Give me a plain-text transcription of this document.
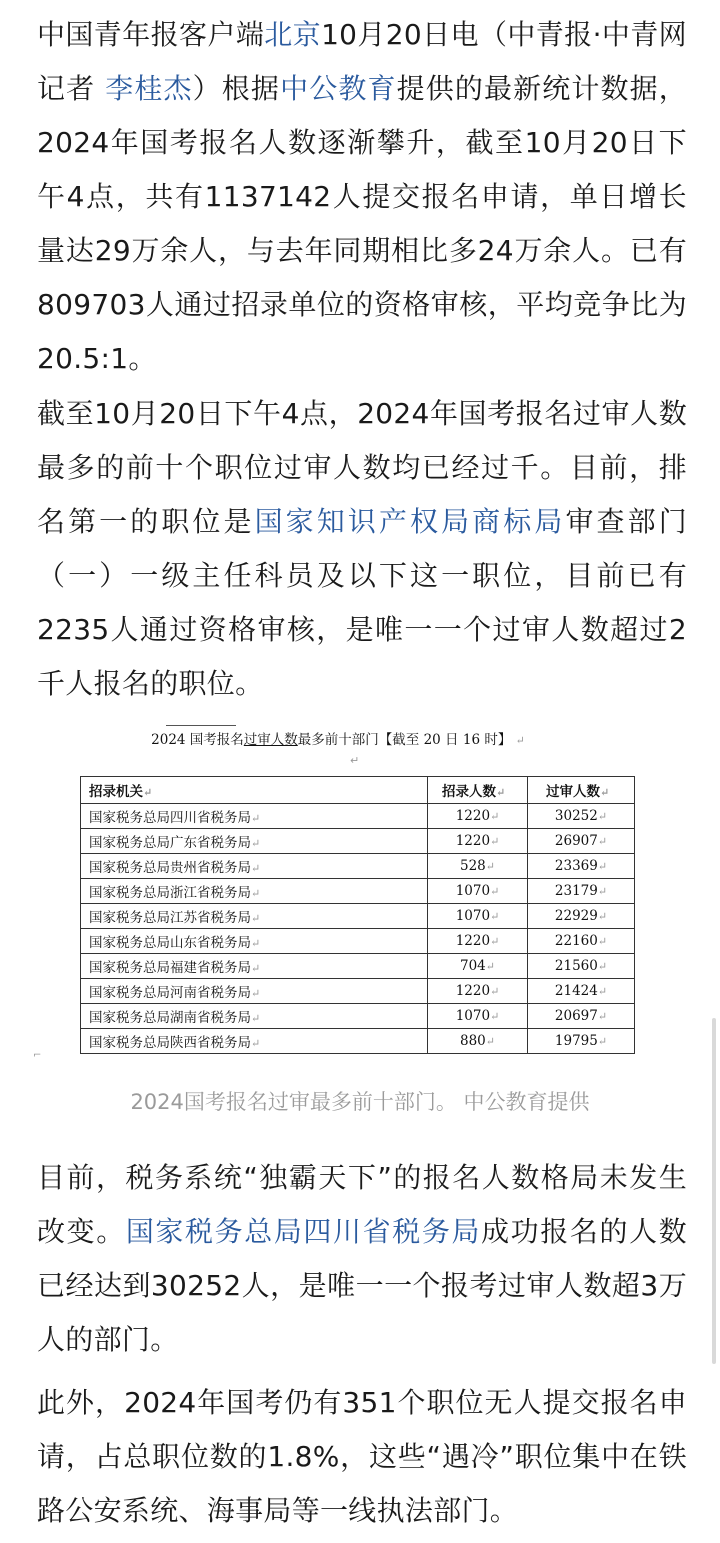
中国青年报客户端北京10月20日电（中青报·中青网记者 李桂杰）根据中公教育提供的最新统计数据，2024年国考报名人数逐渐攀升，截至10月20日下午4点，共有1137142人提交报名申请，单日增长量达29万余人，与去年同期相比多24万余人。已有809703人通过招录单位的资格审核，平均竞争比为20.5:1。

截至10月20日下午4点，2024年国考报名过审人数最多的前十个职位过审人数均已经过千。目前，排名第一的职位是国家知识产权局商标局审查部门（一）一级主任科员及以下这一职位，目前已有2235人通过资格审核，是唯一一个过审人数超过2千人报名的职位。

2024 国考报名过审人数最多前十部门【截至 20 日 16 时】 ↵
↵
招录机关↵	招录人数↵	过审人数↵
国家税务总局四川省税务局↵	1220↵	30252↵
国家税务总局广东省税务局↵	1220↵	26907↵
国家税务总局贵州省税务局↵	528↵	23369↵
国家税务总局浙江省税务局↵	1070↵	23179↵
国家税务总局江苏省税务局↵	1070↵	22929↵
国家税务总局山东省税务局↵	1220↵	22160↵
国家税务总局福建省税务局↵	704↵	21560↵
国家税务总局河南省税务局↵	1220↵	21424↵
国家税务总局湖南省税务局↵	1070↵	20697↵
国家税务总局陕西省税务局↵	880↵	19795↵
⌐
2024国考报名过审最多前十部门。 中公教育提供

目前，税务系统“独霸天下”的报名人数格局未发生改变。国家税务总局四川省税务局成功报名的人数已经达到30252人，是唯一一个报考过审人数超3万人的部门。

此外，2024年国考仍有351个职位无人提交报名申请，占总职位数的1.8%，这些“遇冷”职位集中在铁路公安系统、海事局等一线执法部门。
